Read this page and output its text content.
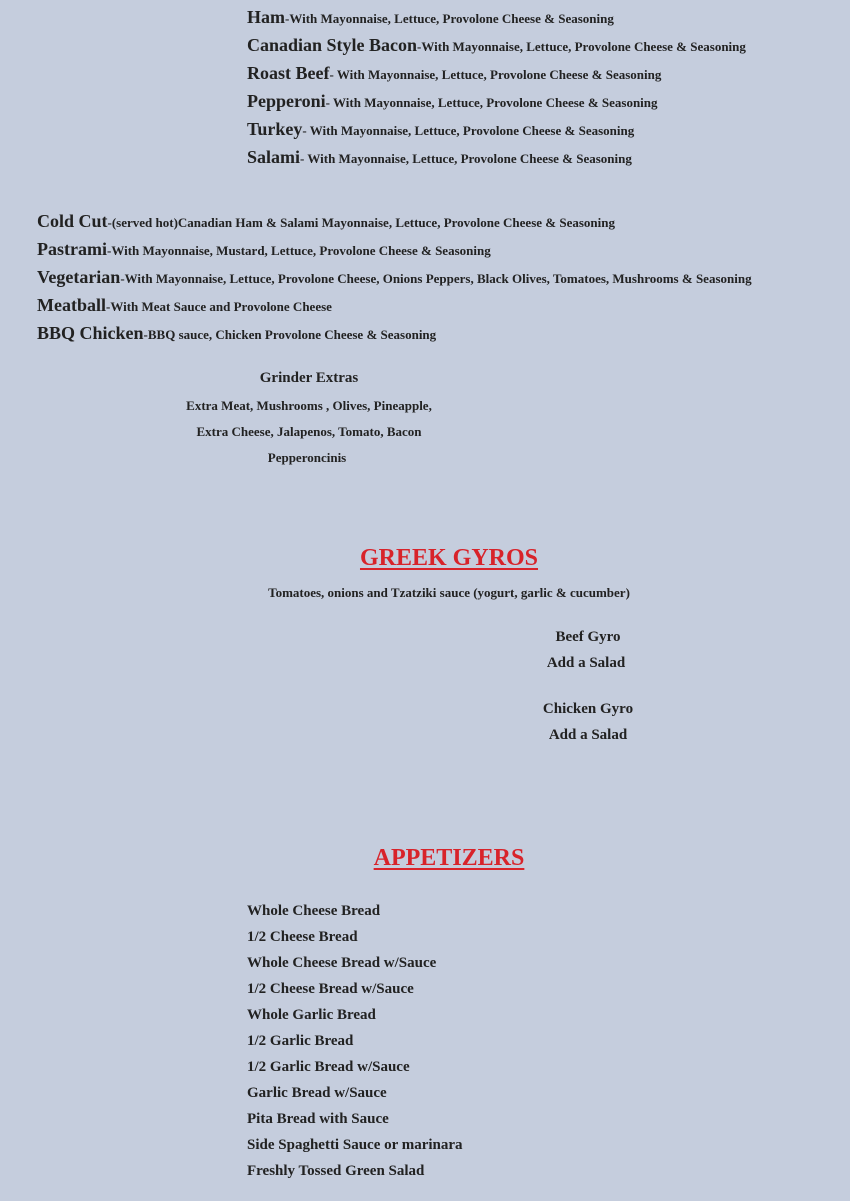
Ham-With Mayonnaise, Lettuce, Provolone Cheese & Seasoning
Canadian Style Bacon-With Mayonnaise, Lettuce, Provolone Cheese & Seasoning
Roast Beef- With Mayonnaise, Lettuce, Provolone Cheese & Seasoning
Pepperoni- With Mayonnaise, Lettuce, Provolone Cheese & Seasoning
Turkey- With Mayonnaise, Lettuce, Provolone Cheese & Seasoning
Salami- With Mayonnaise, Lettuce, Provolone Cheese & Seasoning
Cold Cut-(served hot)Canadian Ham & Salami Mayonnaise, Lettuce, Provolone Cheese & Seasoning
Pastrami-With Mayonnaise, Mustard, Lettuce, Provolone Cheese & Seasoning
Vegetarian-With Mayonnaise, Lettuce, Provolone Cheese, Onions Peppers, Black Olives, Tomatoes, Mushrooms & Seasoning
Meatball-With Meat Sauce and Provolone Cheese
BBQ Chicken-BBQ sauce, Chicken Provolone Cheese & Seasoning
Grinder Extras
Extra Meat, Mushrooms , Olives, Pineapple,
Extra Cheese, Jalapenos, Tomato, Bacon
Pepperoncinis
GREEK GYROS
Tomatoes, onions and Tzatziki sauce (yogurt, garlic & cucumber)
Beef Gyro
Add a Salad
Chicken Gyro
Add a Salad
APPETIZERS
Whole Cheese Bread
1/2 Cheese Bread
Whole Cheese Bread w/Sauce
1/2 Cheese Bread w/Sauce
Whole Garlic Bread
1/2 Garlic Bread
1/2 Garlic Bread w/Sauce
Garlic Bread w/Sauce
Pita Bread with Sauce
Side Spaghetti Sauce or marinara
Freshly Tossed Green Salad
